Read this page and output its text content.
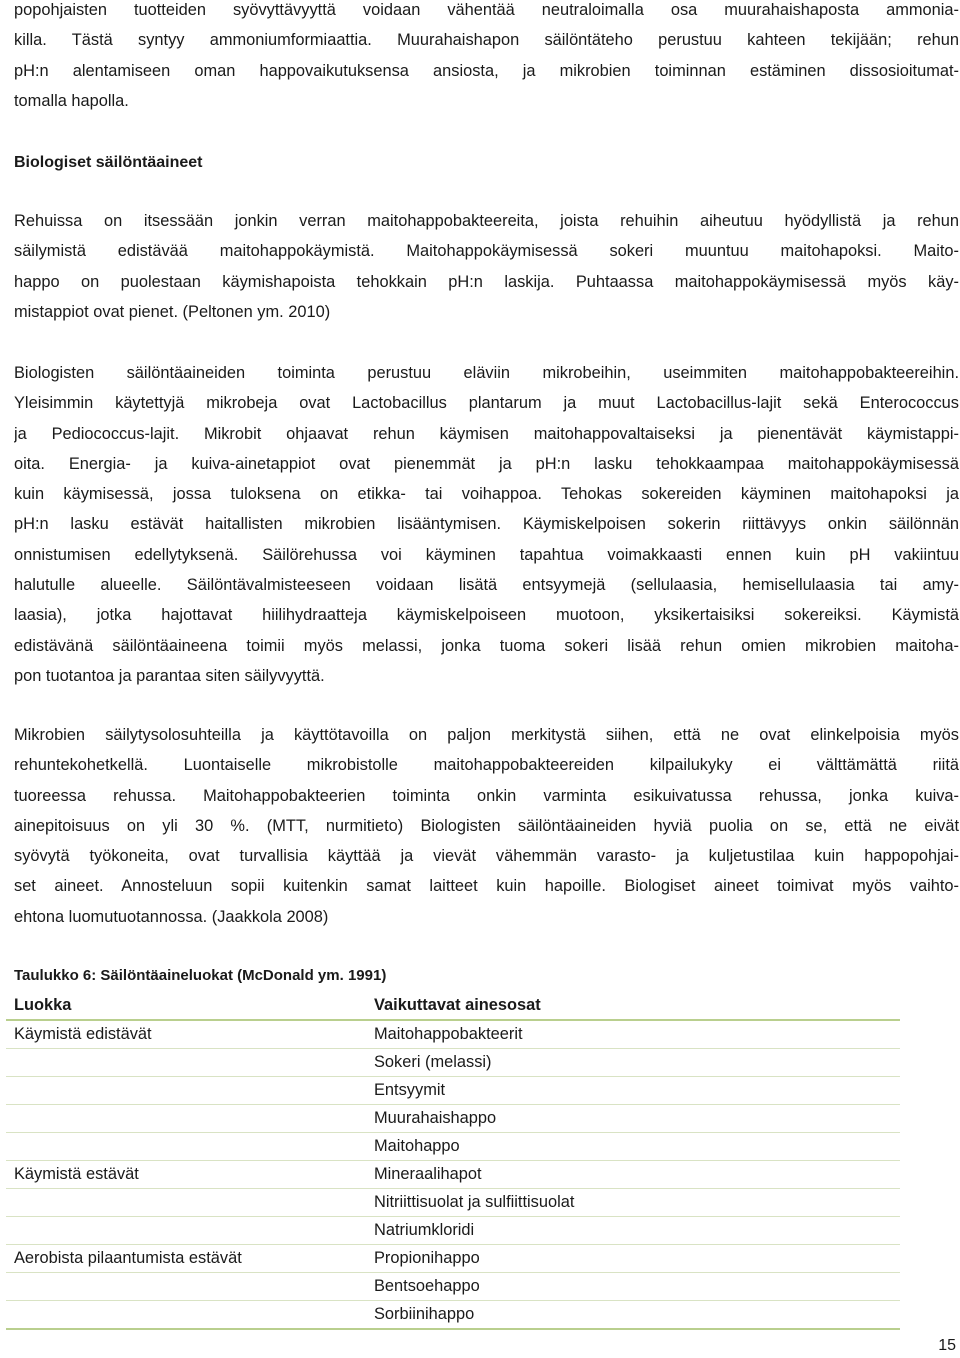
popohjaisten tuotteiden syövyttävyyttä voidaan vähentää neutraloimalla osa muurahaishaposta ammonia-
killa. Tästä syntyy ammoniumformiaattia. Muurahaishapon säilöntäteho perustuu kahteen tekijään; rehun
pH:n alentamiseen oman happovaikutuksensa ansiosta, ja mikrobien toiminnan estäminen dissosioitumat-
tomalla hapolla.
Biologiset säilöntäaineet
Rehuissa on itsessään jonkin verran maitohappobakteereita, joista rehuihin aiheutuu hyödyllistä ja rehun
säilymistä edistävää maitohappokäymistä. Maitohappokäymisessä sokeri muuntuu maitohapoksi. Maito-
happo on puolestaan käymishapoista tehokkain pH:n laskija. Puhtaassa maitohappokäymisessä myös käy-
mistappiot ovat pienet. (Peltonen ym. 2010)
Biologisten säilöntäaineiden toiminta perustuu eläviin mikrobeihin, useimmiten maitohappobakteereihin.
Yleisimmin käytettyjä mikrobeja ovat Lactobacillus plantarum ja muut Lactobacillus-lajit sekä Enterococcus
ja Pediococcus-lajit. Mikrobit ohjaavat rehun käymisen maitohappovaltaiseksi ja pienentävät käymistappi-
oita. Energia- ja kuiva-ainetappiot ovat pienemmät ja pH:n lasku tehokkaampaa maitohappokäymisessä
kuin käymisessä, jossa tuloksena on etikka- tai voihappoa. Tehokas sokereiden käyminen maitohapoksi ja
pH:n lasku estävät haitallisten mikrobien lisääntymisen. Käymiskelpoisen sokerin riittävyys onkin säilönnän
onnistumisen edellytyksenä. Säilörehussa voi käyminen tapahtua voimakkaasti ennen kuin pH vakiintuu
halutulle alueelle. Säilöntävalmisteeseen voidaan lisätä entsyymejä (sellulaasia, hemisellulaasia tai amy-
laasia), jotka hajottavat hiilihydraatteja käymiskelpoiseen muotoon, yksikertaisiksi sokereiksi. Käymistä
edistävänä säilöntäaineena toimii myös melassi, jonka tuoma sokeri lisää rehun omien mikrobien maitoha-
pon tuotantoa ja parantaa siten säilyvyyttä.
Mikrobien säilytysolosuhteilla ja käyttötavoilla on paljon merkitystä siihen, että ne ovat elinkelpoisia myös
rehuntekohetkellä. Luontaiselle mikrobistolle maitohappobakteereiden kilpailukyky ei välttämättä riitä
tuoreessa rehussa. Maitohappobakteerien toiminta onkin varminta esikuivatussa rehussa, jonka kuiva-
ainepitoisuus on yli 30 %. (MTT, nurmitieto) Biologisten säilöntäaineiden hyviä puolia on se, että ne eivät
syövytä työkoneita, ovat turvallisia käyttää ja vievät vähemmän varasto- ja kuljetustilaa kuin happopohjai-
set aineet. Annosteluun sopii kuitenkin samat laitteet kuin hapoille. Biologiset aineet toimivat myös vaihto-
ehtona luomutuotannossa. (Jaakkola 2008)
Taulukko 6: Säilöntäaineluokat (McDonald ym. 1991)
Luokka	Vaikuttavat ainesosat
Käymistä edistävät	Maitohappobakteerit
	Sokeri (melassi)
	Entsyymit
	Muurahaishappo
	Maitohappo
Käymistä estävät	Mineraalihapot
	Nitriittisuolat ja sulfiittisuolat
	Natriumkloridi
Aerobista pilaantumista estävät	Propionihappo
	Bentsoehappo
	Sorbiinihappo
15
